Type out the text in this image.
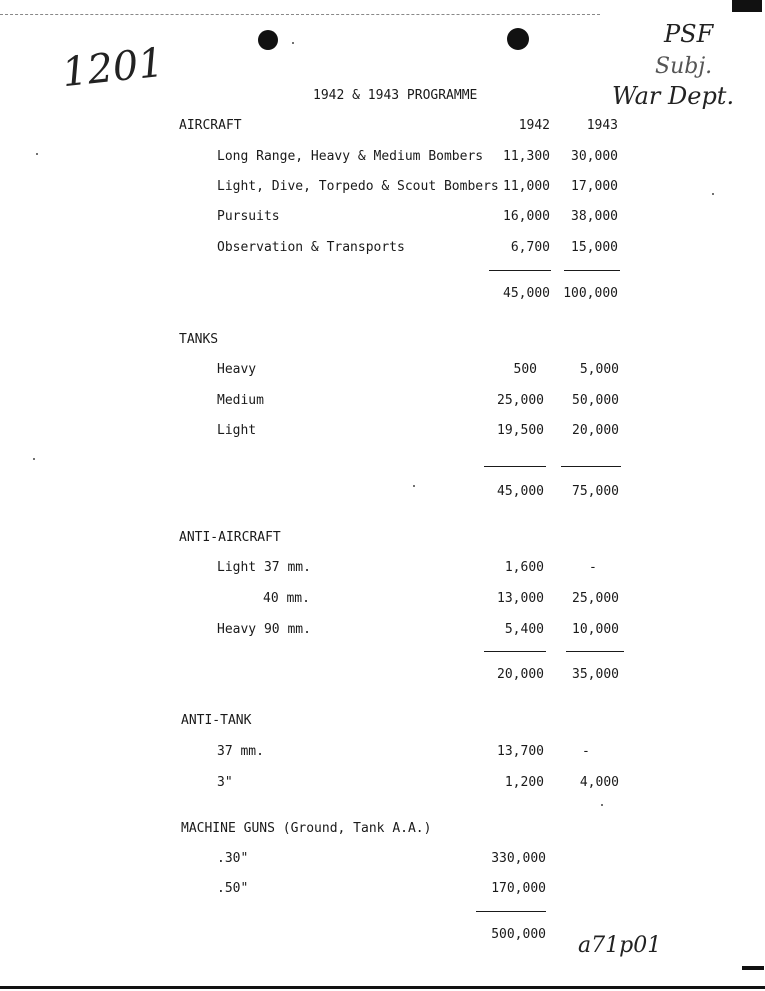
1201
PSF
Subj.
War Dept.
a71p01
1942 & 1943 PROGRAMME
1942	1943
AIRCRAFT
Long Range, Heavy & Medium Bombers	11,300	30,000
Light, Dive, Torpedo & Scout Bombers 11,000	17,000
Pursuits	16,000	38,000
Observation & Transports	6,700	15,000
45,000	100,000
TANKS
Heavy	500	5,000
Medium	25,000	50,000
Light	19,500	20,000
45,000	75,000
ANTI-AIRCRAFT
Light 37 mm.	1,600	-
40 mm.	13,000	25,000
Heavy 90 mm.	5,400	10,000
20,000	35,000
ANTI-TANK
37 mm.	13,700	-
3"	1,200	4,000
MACHINE GUNS (Ground, Tank A.A.)
.30"	330,000
.50"	170,000
500,000
